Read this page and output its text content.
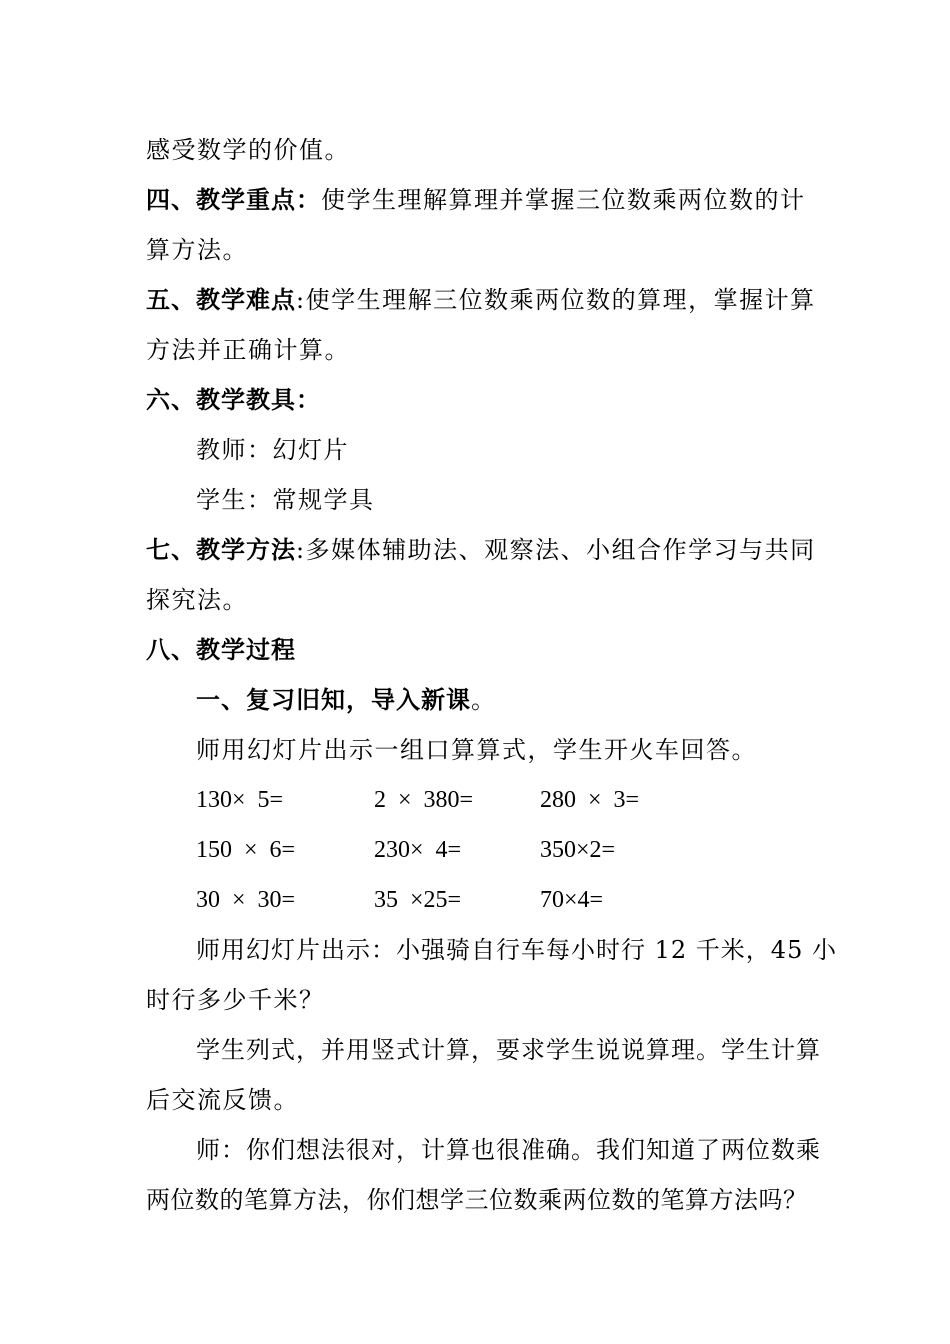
感受数学的价值。
四、教学重点：使学生理解算理并掌握三位数乘两位数的计
算方法。
五、教学难点:使学生理解三位数乘两位数的算理，掌握计算
方法并正确计算。
六、教学教具：
教师：幻灯片
学生：常规学具
七、教学方法:多媒体辅助法、观察法、小组合作学习与共同
探究法。
八、教学过程
一、复习旧知，导入新课。
师用幻灯片出示一组口算算式，学生开火车回答。
130×  5=	2  ×  380=	280  ×  3=
150  ×  6=	230×  4=	350×2=
30  ×  30=	35  ×25=	70×4=
师用幻灯片出示：小强骑自行车每小时行 12 千米，45 小
时行多少千米？
学生列式，并用竖式计算，要求学生说说算理。学生计算
后交流反馈。
师：你们想法很对，计算也很准确。我们知道了两位数乘
两位数的笔算方法，你们想学三位数乘两位数的笔算方法吗？
